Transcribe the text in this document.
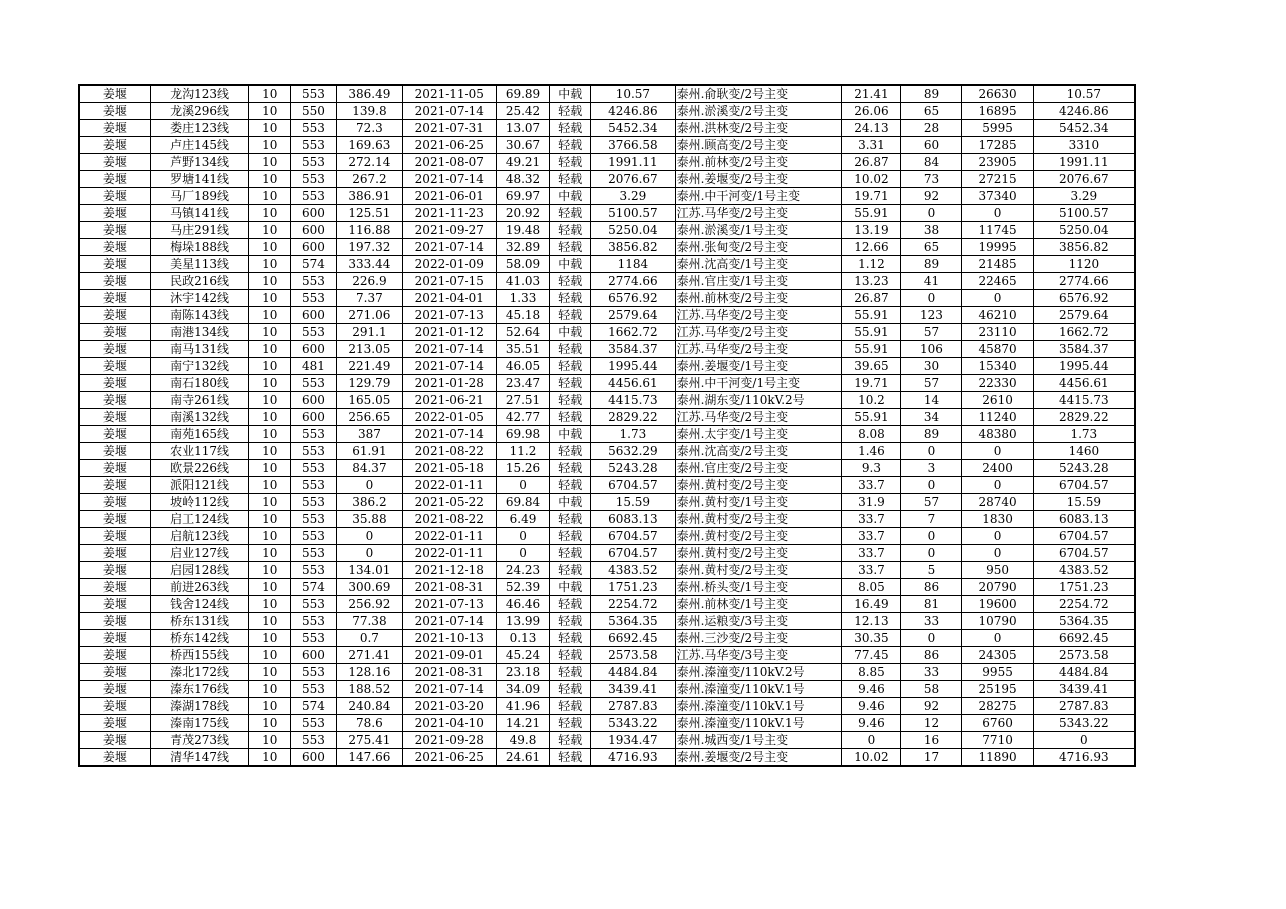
姜堰	龙沟123线	10	553	386.49	2021-11-05	69.89	中载	10.57	泰州.俞耿变/2号主变	21.41	89	26630	10.57
姜堰	龙溪296线	10	550	139.8	2021-07-14	25.42	轻载	4246.86	泰州.淤溪变/2号主变	26.06	65	16895	4246.86
姜堰	娄庄123线	10	553	72.3	2021-07-31	13.07	轻载	5452.34	泰州.洪林变/2号主变	24.13	28	5995	5452.34
姜堰	卢庄145线	10	553	169.63	2021-06-25	30.67	轻载	3766.58	泰州.顾高变/2号主变	3.31	60	17285	3310
姜堰	芦野134线	10	553	272.14	2021-08-07	49.21	轻载	1991.11	泰州.前林变/2号主变	26.87	84	23905	1991.11
姜堰	罗塘141线	10	553	267.2	2021-07-14	48.32	轻载	2076.67	泰州.姜堰变/2号主变	10.02	73	27215	2076.67
姜堰	马厂189线	10	553	386.91	2021-06-01	69.97	中载	3.29	泰州.中干河变/1号主变	19.71	92	37340	3.29
姜堰	马镇141线	10	600	125.51	2021-11-23	20.92	轻载	5100.57	江苏.马华变/2号主变	55.91	0	0	5100.57
姜堰	马庄291线	10	600	116.88	2021-09-27	19.48	轻载	5250.04	泰州.淤溪变/1号主变	13.19	38	11745	5250.04
姜堰	梅垛188线	10	600	197.32	2021-07-14	32.89	轻载	3856.82	泰州.张甸变/2号主变	12.66	65	19995	3856.82
姜堰	美星113线	10	574	333.44	2022-01-09	58.09	中载	1184	泰州.沈高变/1号主变	1.12	89	21485	1120
姜堰	民政216线	10	553	226.9	2021-07-15	41.03	轻载	2774.66	泰州.官庄变/1号主变	13.23	41	22465	2774.66
姜堰	沐宇142线	10	553	7.37	2021-04-01	1.33	轻载	6576.92	泰州.前林变/2号主变	26.87	0	0	6576.92
姜堰	南陈143线	10	600	271.06	2021-07-13	45.18	轻载	2579.64	江苏.马华变/2号主变	55.91	123	46210	2579.64
姜堰	南港134线	10	553	291.1	2021-01-12	52.64	中载	1662.72	江苏.马华变/2号主变	55.91	57	23110	1662.72
姜堰	南马131线	10	600	213.05	2021-07-14	35.51	轻载	3584.37	江苏.马华变/2号主变	55.91	106	45870	3584.37
姜堰	南宁132线	10	481	221.49	2021-07-14	46.05	轻载	1995.44	泰州.姜堰变/1号主变	39.65	30	15340	1995.44
姜堰	南石180线	10	553	129.79	2021-01-28	23.47	轻载	4456.61	泰州.中干河变/1号主变	19.71	57	22330	4456.61
姜堰	南寺261线	10	600	165.05	2021-06-21	27.51	轻载	4415.73	泰州.湖东变/110kV.2号	10.2	14	2610	4415.73
姜堰	南溪132线	10	600	256.65	2022-01-05	42.77	轻载	2829.22	江苏.马华变/2号主变	55.91	34	11240	2829.22
姜堰	南苑165线	10	553	387	2021-07-14	69.98	中载	1.73	泰州.太宇变/1号主变	8.08	89	48380	1.73
姜堰	农业117线	10	553	61.91	2021-08-22	11.2	轻载	5632.29	泰州.沈高变/2号主变	1.46	0	0	1460
姜堰	欧景226线	10	553	84.37	2021-05-18	15.26	轻载	5243.28	泰州.官庄变/2号主变	9.3	3	2400	5243.28
姜堰	派阳121线	10	553	0	2022-01-11	0	轻载	6704.57	泰州.黄村变/2号主变	33.7	0	0	6704.57
姜堰	坡岭112线	10	553	386.2	2021-05-22	69.84	中载	15.59	泰州.黄村变/1号主变	31.9	57	28740	15.59
姜堰	启工124线	10	553	35.88	2021-08-22	6.49	轻载	6083.13	泰州.黄村变/2号主变	33.7	7	1830	6083.13
姜堰	启航123线	10	553	0	2022-01-11	0	轻载	6704.57	泰州.黄村变/2号主变	33.7	0	0	6704.57
姜堰	启业127线	10	553	0	2022-01-11	0	轻载	6704.57	泰州.黄村变/2号主变	33.7	0	0	6704.57
姜堰	启园128线	10	553	134.01	2021-12-18	24.23	轻载	4383.52	泰州.黄村变/2号主变	33.7	5	950	4383.52
姜堰	前进263线	10	574	300.69	2021-08-31	52.39	中载	1751.23	泰州.桥头变/1号主变	8.05	86	20790	1751.23
姜堰	钱舍124线	10	553	256.92	2021-07-13	46.46	轻载	2254.72	泰州.前林变/1号主变	16.49	81	19600	2254.72
姜堰	桥东131线	10	553	77.38	2021-07-14	13.99	轻载	5364.35	泰州.运粮变/3号主变	12.13	33	10790	5364.35
姜堰	桥东142线	10	553	0.7	2021-10-13	0.13	轻载	6692.45	泰州.三沙变/2号主变	30.35	0	0	6692.45
姜堰	桥西155线	10	600	271.41	2021-09-01	45.24	轻载	2573.58	江苏.马华变/3号主变	77.45	86	24305	2573.58
姜堰	溱北172线	10	553	128.16	2021-08-31	23.18	轻载	4484.84	泰州.溱潼变/110kV.2号	8.85	33	9955	4484.84
姜堰	溱东176线	10	553	188.52	2021-07-14	34.09	轻载	3439.41	泰州.溱潼变/110kV.1号	9.46	58	25195	3439.41
姜堰	溱湖178线	10	574	240.84	2021-03-20	41.96	轻载	2787.83	泰州.溱潼变/110kV.1号	9.46	92	28275	2787.83
姜堰	溱南175线	10	553	78.6	2021-04-10	14.21	轻载	5343.22	泰州.溱潼变/110kV.1号	9.46	12	6760	5343.22
姜堰	青茂273线	10	553	275.41	2021-09-28	49.8	轻载	1934.47	泰州.城西变/1号主变	0	16	7710	0
姜堰	清华147线	10	600	147.66	2021-06-25	24.61	轻载	4716.93	泰州.姜堰变/2号主变	10.02	17	11890	4716.93
